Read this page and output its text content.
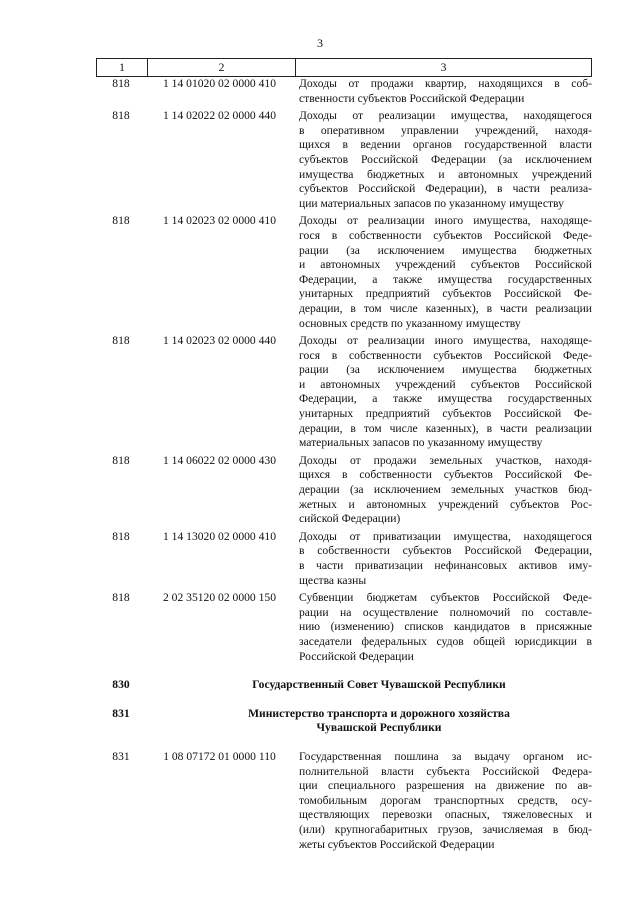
3
1	2	3
818	1 14 01020 02 0000 410	Доходы от продажи квартир, находящихся в соб-
ственности субъектов Российской Федерации
818	1 14 02022 02 0000 440	Доходы от реализации имущества, находящегося
в оперативном управлении учреждений, находя-
щихся в ведении органов государственной власти
субъектов Российской Федерации (за исключением
имущества бюджетных и автономных учреждений
субъектов Российской Федерации), в части реализа-
ции материальных запасов по указанному имуществу
818	1 14 02023 02 0000 410	Доходы от реализации иного имущества, находяще-
гося в собственности субъектов Российской Феде-
рации (за исключением имущества бюджетных
и автономных учреждений субъектов Российской
Федерации, а также имущества государственных
унитарных предприятий субъектов Российской Фе-
дерации, в том числе казенных), в части реализации
основных средств по указанному имуществу
818	1 14 02023 02 0000 440	Доходы от реализации иного имущества, находяще-
гося в собственности субъектов Российской Феде-
рации (за исключением имущества бюджетных
и автономных учреждений субъектов Российской
Федерации, а также имущества государственных
унитарных предприятий субъектов Российской Фе-
дерации, в том числе казенных), в части реализации
материальных запасов по указанному имуществу
818	1 14 06022 02 0000 430	Доходы от продажи земельных участков, находя-
щихся в собственности субъектов Российской Фе-
дерации (за исключением земельных участков бюд-
жетных и автономных учреждений субъектов Рос-
сийской Федерации)
818	1 14 13020 02 0000 410	Доходы от приватизации имущества, находящегося
в собственности субъектов Российской Федерации,
в части приватизации нефинансовых активов иму-
щества казны
818	2 02 35120 02 0000 150	Субвенции бюджетам субъектов Российской Феде-
рации на осуществление полномочий по составле-
нию (изменению) списков кандидатов в присяжные
заседатели федеральных судов общей юрисдикции в
Российской Федерации
830	Государственный Совет Чувашской Республики
831	Министерство транспорта и дорожного хозяйства
Чувашской Республики
831	1 08 07172 01 0000 110	Государственная пошлина за выдачу органом ис-
полнительной власти субъекта Российской Федера-
ции специального разрешения на движение по ав-
томобильным дорогам транспортных средств, осу-
ществляющих перевозки опасных, тяжеловесных и
(или) крупногабаритных грузов, зачисляемая в бюд-
жеты субъектов Российской Федерации
